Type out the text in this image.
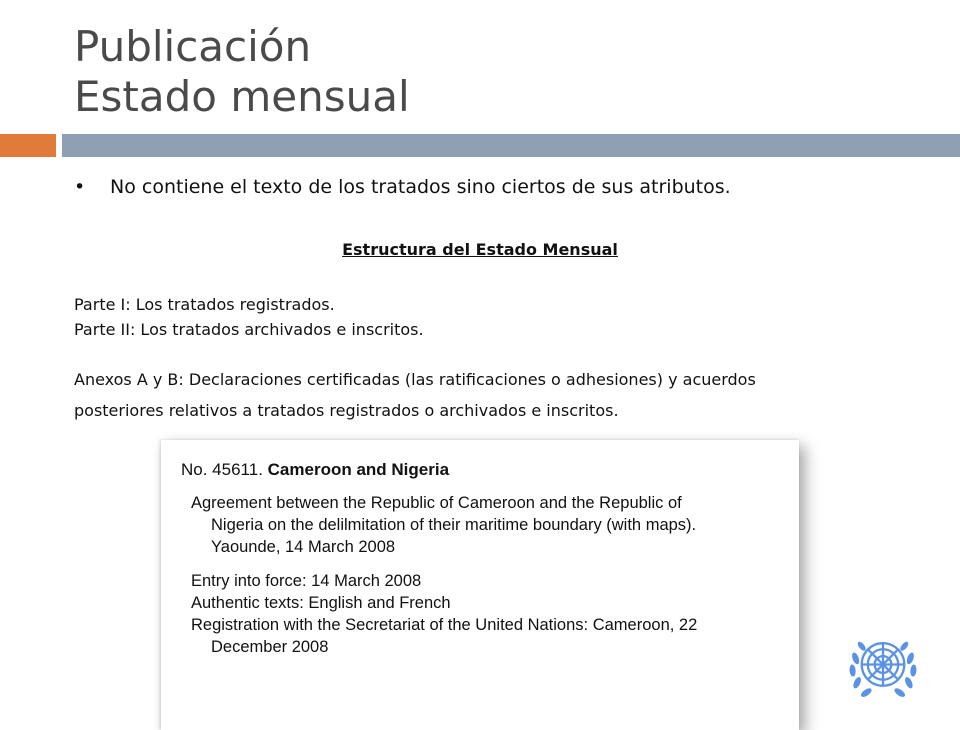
Publicación
Estado mensual
•	No contiene el texto de los tratados sino ciertos de sus atributos.
Estructura del Estado Mensual
Parte I: Los tratados registrados.
Parte II: Los tratados archivados e inscritos.
Anexos A y B: Declaraciones certificadas (las ratificaciones o adhesiones) y acuerdos
posteriores relativos a tratados registrados o archivados e inscritos.
No. 45611. Cameroon and Nigeria
Agreement between the Republic of Cameroon and the Republic of
Nigeria on the delilmitation of their maritime boundary (with maps).
Yaounde, 14 March 2008
Entry into force: 14 March 2008
Authentic texts: English and French
Registration with the Secretariat of the United Nations: Cameroon, 22
December 2008
